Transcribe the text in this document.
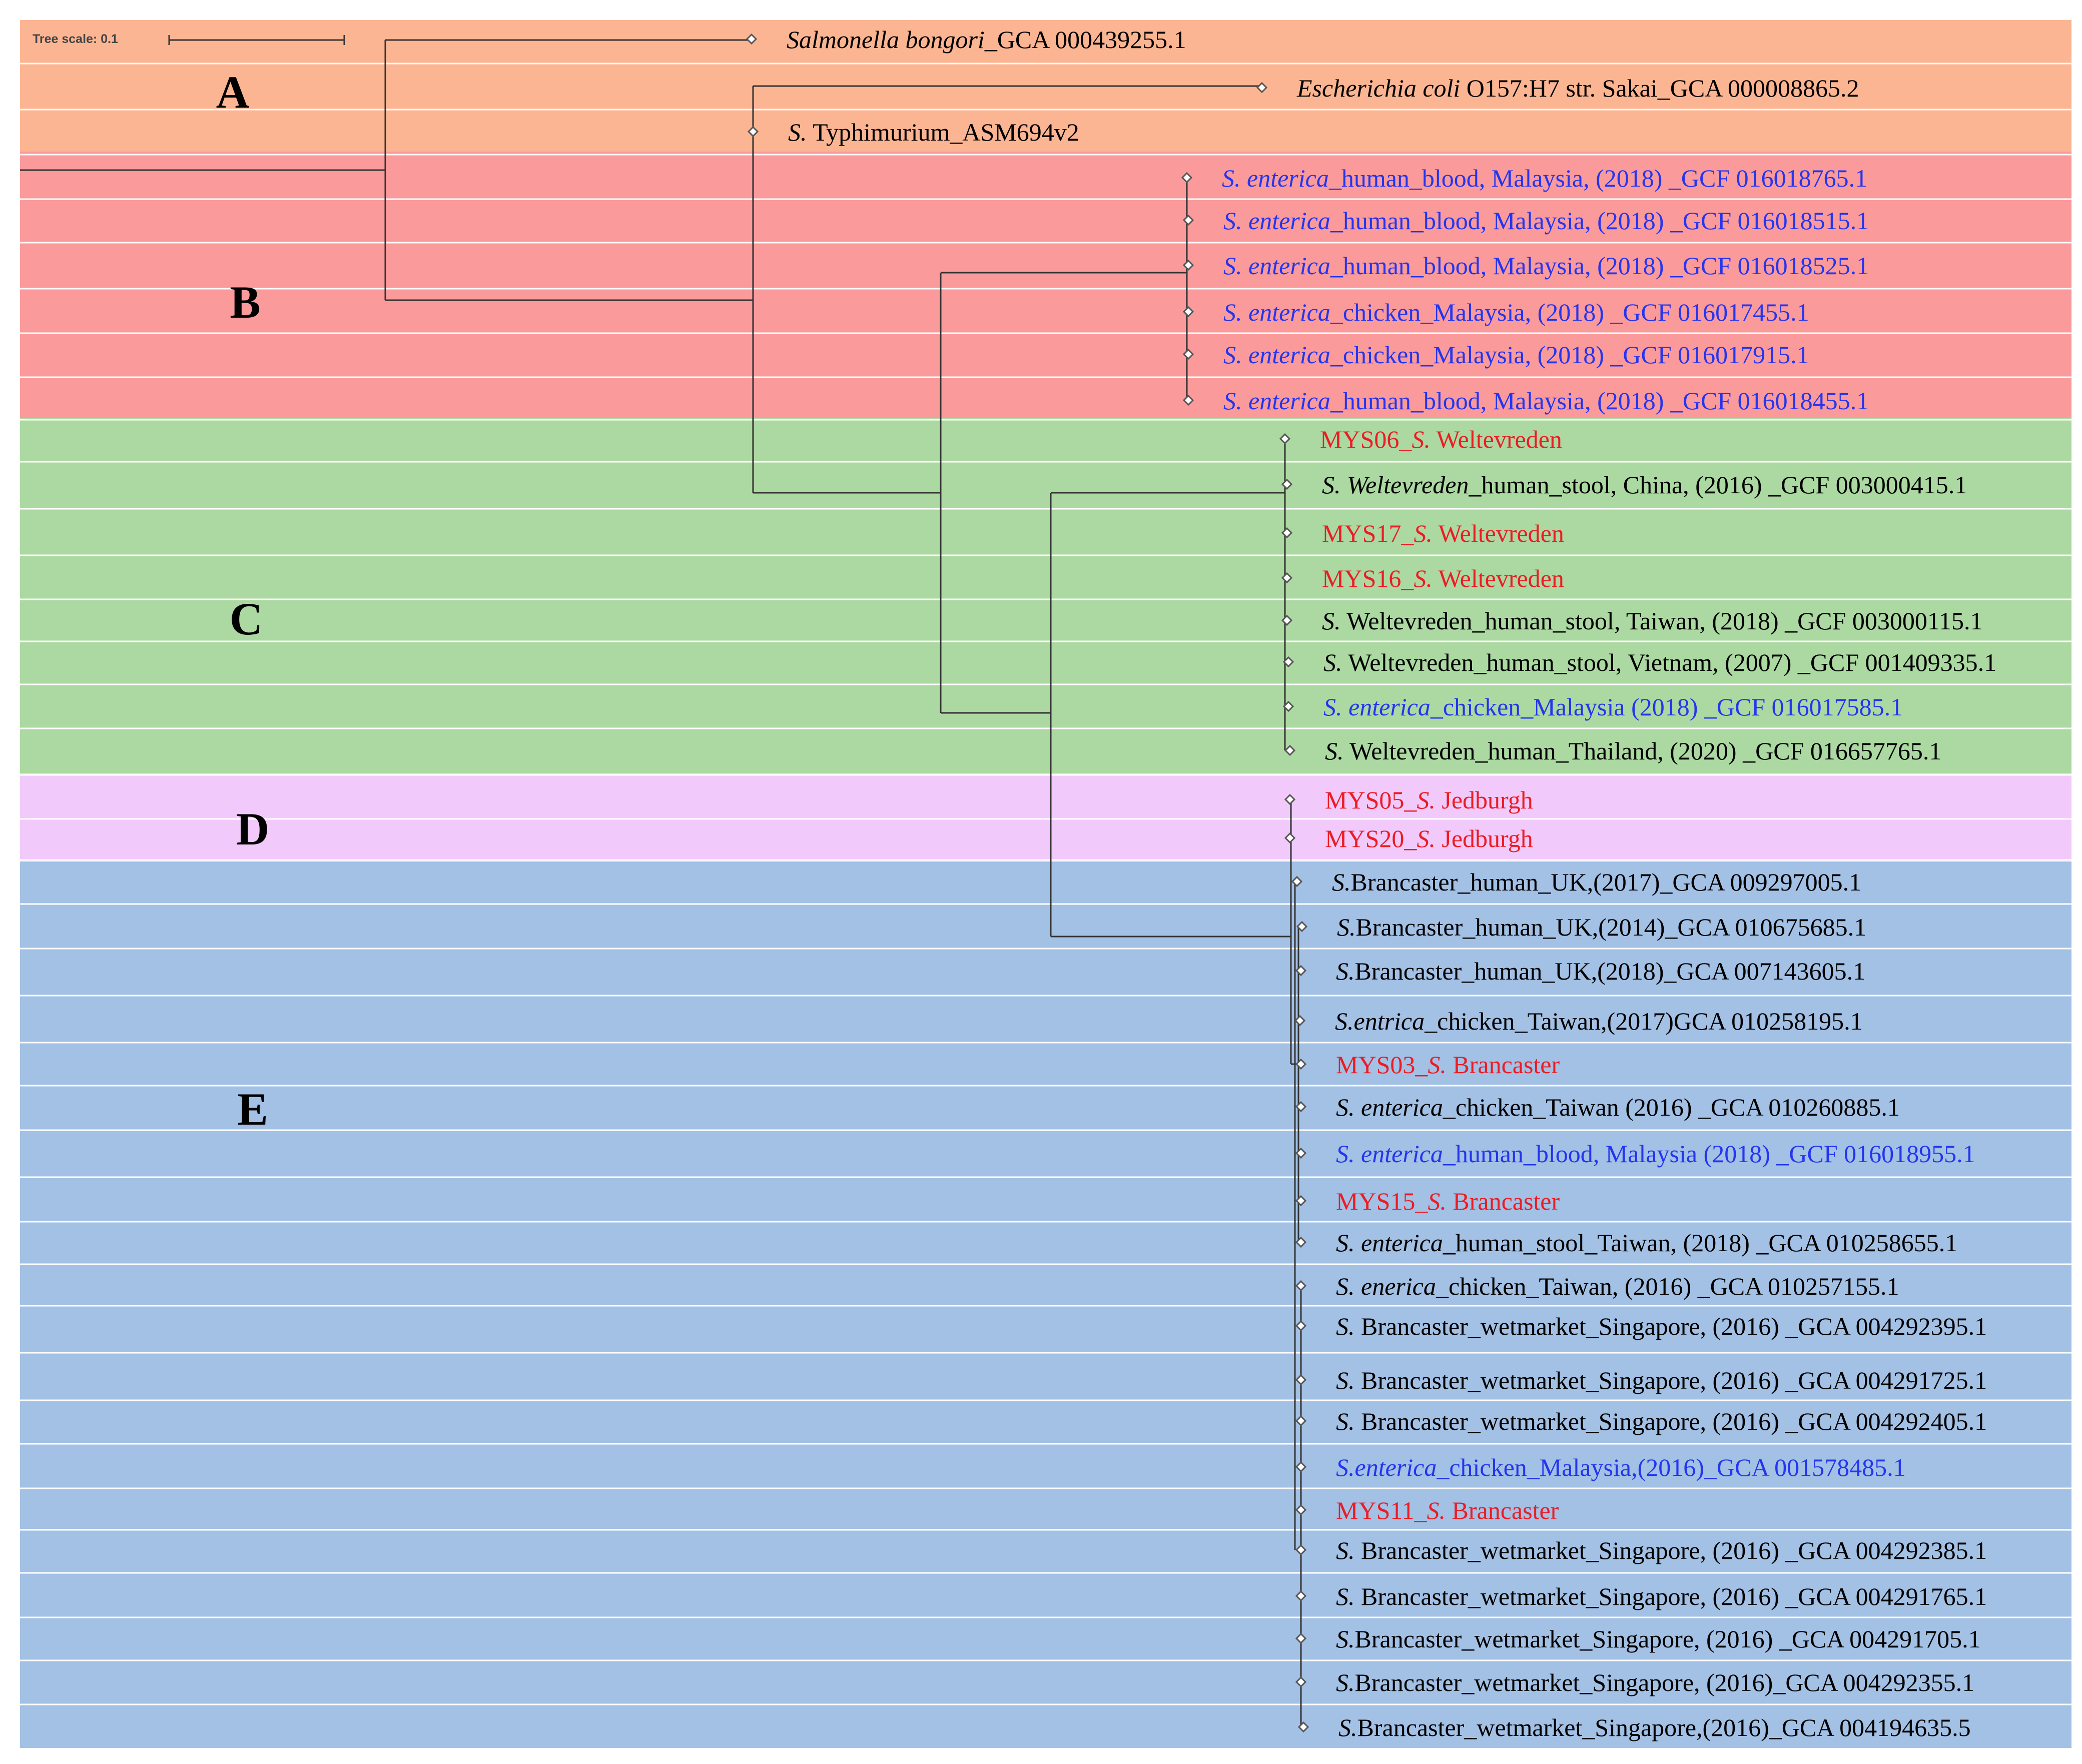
Salmonella bongori_GCA 000439255.1
Escherichia coli O157:H7 str. Sakai_GCA 000008865.2
S. Typhimurium_ASM694v2
S. enterica_human_blood, Malaysia, (2018) _GCF 016018765.1
S. enterica_human_blood, Malaysia, (2018) _GCF 016018515.1
S. enterica_human_blood, Malaysia, (2018) _GCF 016018525.1
S. enterica_chicken_Malaysia, (2018) _GCF 016017455.1
S. enterica_chicken_Malaysia, (2018) _GCF 016017915.1
S. enterica_human_blood, Malaysia, (2018) _GCF 016018455.1
MYS06_S. Weltevreden
S. Weltevreden_human_stool, China, (2016) _GCF 003000415.1
MYS17_S. Weltevreden
MYS16_S. Weltevreden
S. Weltevreden_human_stool, Taiwan, (2018) _GCF 003000115.1
S. Weltevreden_human_stool, Vietnam, (2007) _GCF 001409335.1
S. enterica_chicken_Malaysia (2018) _GCF 016017585.1
S. Weltevreden_human_Thailand, (2020) _GCF 016657765.1
MYS05_S. Jedburgh
MYS20_S. Jedburgh
S.Brancaster_human_UK,(2017)_GCA 009297005.1
S.Brancaster_human_UK,(2014)_GCA 010675685.1
S.Brancaster_human_UK,(2018)_GCA 007143605.1
S.entrica_chicken_Taiwan,(2017)GCA 010258195.1
MYS03_S. Brancaster
S. enterica_chicken_Taiwan (2016) _GCA 010260885.1
S. enterica_human_blood, Malaysia (2018) _GCF 016018955.1
MYS15_S. Brancaster
S. enterica_human_stool_Taiwan, (2018) _GCA 010258655.1
S. enerica_chicken_Taiwan, (2016) _GCA 010257155.1
S. Brancaster_wetmarket_Singapore, (2016) _GCA 004292395.1
S. Brancaster_wetmarket_Singapore, (2016) _GCA 004291725.1
S. Brancaster_wetmarket_Singapore, (2016) _GCA 004292405.1
S.enterica_chicken_Malaysia,(2016)_GCA 001578485.1
MYS11_S. Brancaster
S. Brancaster_wetmarket_Singapore, (2016) _GCA 004292385.1
S. Brancaster_wetmarket_Singapore, (2016) _GCA 004291765.1
S.Brancaster_wetmarket_Singapore, (2016) _GCA 004291705.1
S.Brancaster_wetmarket_Singapore, (2016)_GCA 004292355.1
S.Brancaster_wetmarket_Singapore,(2016)_GCA 004194635.5
A
B
C
D
E
Tree scale: 0.1
